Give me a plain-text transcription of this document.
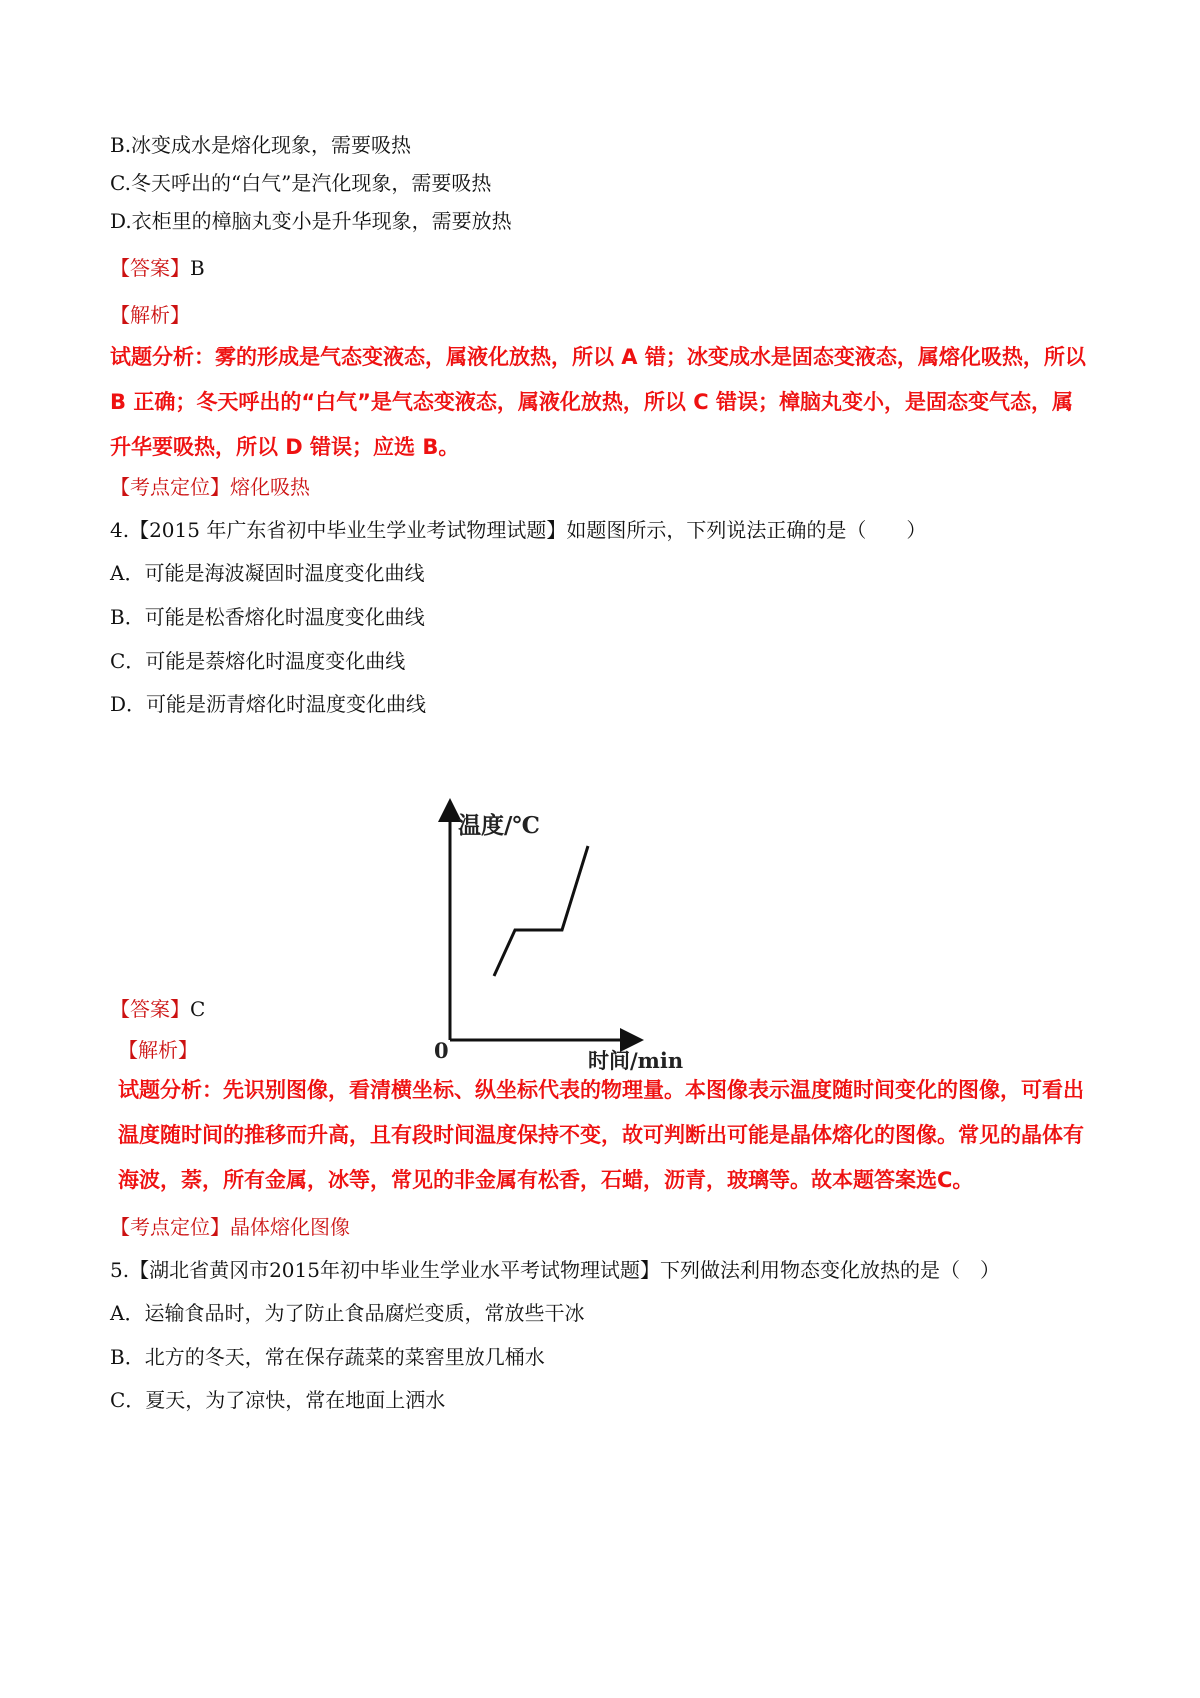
B.冰变成水是熔化现象，需要吸热
C.冬天呼出的“白气”是汽化现象，需要吸热
D.衣柜里的樟脑丸变小是升华现象，需要放热
【答案】B
【解析】
试题分析：雾的形成是气态变液态，属液化放热，所以 A 错；冰变成水是固态变液态，属熔化吸热，所以
B 正确；冬天呼出的“白气”是气态变液态，属液化放热，所以 C 错误；樟脑丸变小，是固态变气态，属
升华要吸热，所以 D 错误；应选 B。
【考点定位】熔化吸热
4.【2015 年广东省初中毕业生学业考试物理试题】如题图所示，下列说法正确的是（　　）
A．可能是海波凝固时温度变化曲线
B．可能是松香熔化时温度变化曲线
C．可能是萘熔化时温度变化曲线
D．可能是沥青熔化时温度变化曲线
温度/℃
0	时间/min
【答案】C
【解析】
试题分析：先识别图像，看清横坐标、纵坐标代表的物理量。本图像表示温度随时间变化的图像，可看出
温度随时间的推移而升高，且有段时间温度保持不变，故可判断出可能是晶体熔化的图像。常见的晶体有
海波，萘，所有金属，冰等，常见的非金属有松香，石蜡，沥青，玻璃等。故本题答案选C。
【考点定位】晶体熔化图像
5.【湖北省黄冈市2015年初中毕业生学业水平考试物理试题】下列做法利用物态变化放热的是（　）
A．运输食品时，为了防止食品腐烂变质，常放些干冰
B．北方的冬天，常在保存蔬菜的菜窖里放几桶水
C．夏天，为了凉快，常在地面上洒水
